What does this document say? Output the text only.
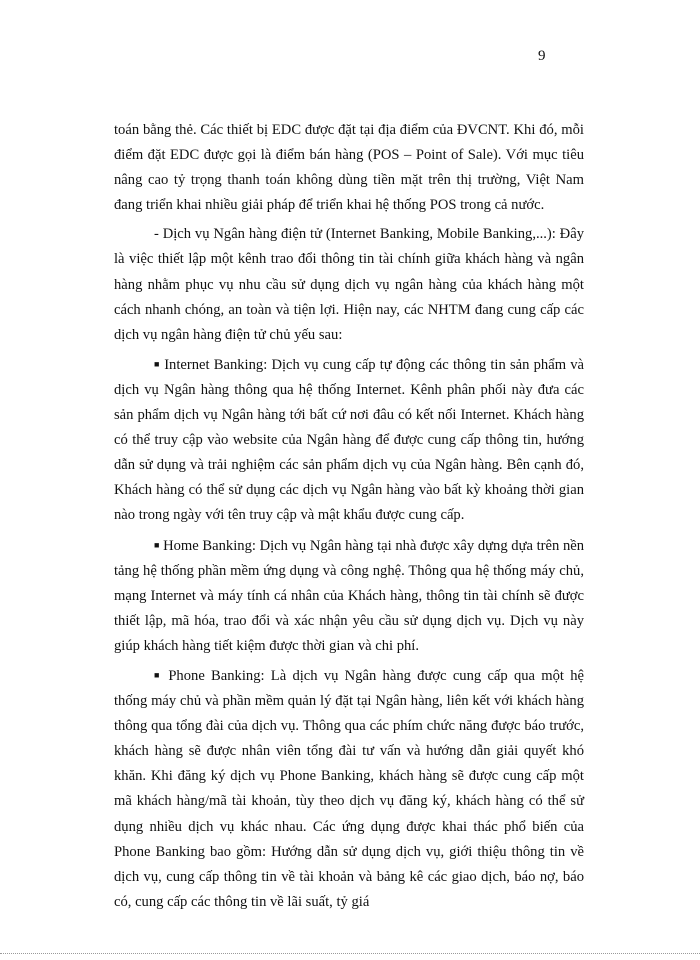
9

toán bằng thẻ. Các thiết bị EDC được đặt tại địa điểm của ĐVCNT. Khi đó, mỗi điểm đặt EDC được gọi là điểm bán hàng (POS – Point of Sale). Với mục tiêu nâng cao tỷ trọng thanh toán không dùng tiền mặt trên thị trường, Việt Nam đang triển khai nhiều giải pháp để triển khai hệ thống POS trong cả nước.

- Dịch vụ Ngân hàng điện tử (Internet Banking, Mobile Banking,...): Đây là việc thiết lập một kênh trao đổi thông tin tài chính giữa khách hàng và ngân hàng nhằm phục vụ nhu cầu sử dụng dịch vụ ngân hàng của khách hàng một cách nhanh chóng, an toàn và tiện lợi. Hiện nay, các NHTM đang cung cấp các dịch vụ ngân hàng điện tử chủ yếu sau:

■ Internet Banking: Dịch vụ cung cấp tự động các thông tin sản phẩm và dịch vụ Ngân hàng thông qua hệ thống Internet. Kênh phân phối này đưa các sản phẩm dịch vụ Ngân hàng tới bất cứ nơi đâu có kết nối Internet. Khách hàng có thể truy cập vào website của Ngân hàng để được cung cấp thông tin, hướng dẫn sử dụng và trải nghiệm các sản phẩm dịch vụ của Ngân hàng. Bên cạnh đó, Khách hàng có thể sử dụng các dịch vụ Ngân hàng vào bất kỳ khoảng thời gian nào trong ngày với tên truy cập và mật khẩu được cung cấp.

■ Home Banking: Dịch vụ Ngân hàng tại nhà được xây dựng dựa trên nền tảng hệ thống phần mềm ứng dụng và công nghệ. Thông qua hệ thống máy chủ, mạng Internet và máy tính cá nhân của Khách hàng, thông tin tài chính sẽ được thiết lập, mã hóa, trao đổi và xác nhận yêu cầu sử dụng dịch vụ. Dịch vụ này giúp khách hàng tiết kiệm được thời gian và chi phí.

■ Phone Banking: Là dịch vụ Ngân hàng được cung cấp qua một hệ thống máy chủ và phần mềm quản lý đặt tại Ngân hàng, liên kết với khách hàng thông qua tổng đài của dịch vụ. Thông qua các phím chức năng được báo trước, khách hàng sẽ được nhân viên tổng đài tư vấn và hướng dẫn giải quyết khó khăn. Khi đăng ký dịch vụ Phone Banking, khách hàng sẽ được cung cấp một mã khách hàng/mã tài khoản, tùy theo dịch vụ đăng ký, khách hàng có thể sử dụng nhiều dịch vụ khác nhau. Các ứng dụng được khai thác phổ biến của Phone Banking bao gồm: Hướng dẫn sử dụng dịch vụ, giới thiệu thông tin về dịch vụ, cung cấp thông tin về tài khoản và bảng kê các giao dịch, báo nợ, báo có, cung cấp các thông tin về lãi suất, tỷ giá
